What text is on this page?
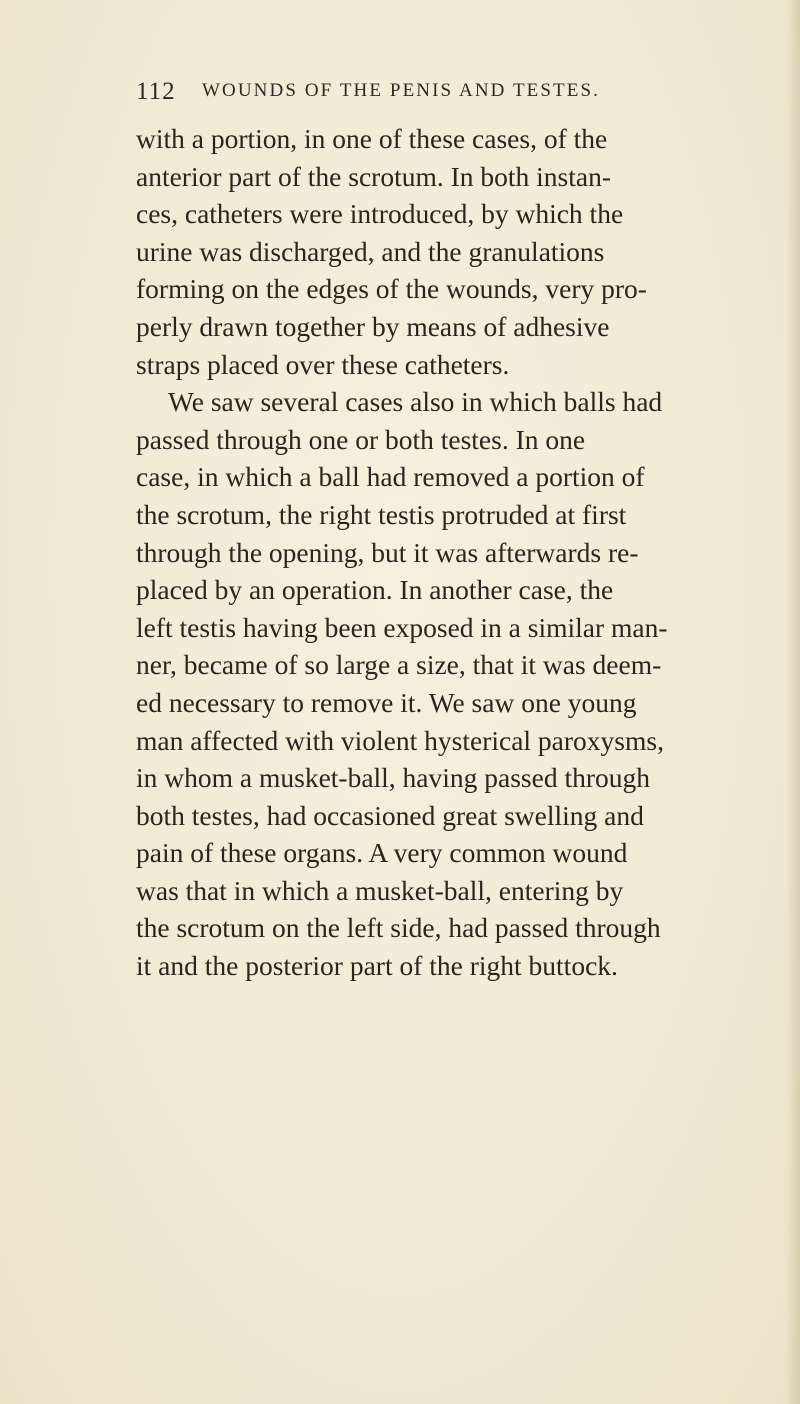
112 WOUNDS OF THE PENIS AND TESTES.
with a portion, in one of these cases, of the
anterior part of the scrotum. In both instan-
ces, catheters were introduced, by which the
urine was discharged, and the granulations
forming on the edges of the wounds, very pro-
perly drawn together by means of adhesive
straps placed over these catheters.
We saw several cases also in which balls had
passed through one or both testes. In one
case, in which a ball had removed a portion of
the scrotum, the right testis protruded at first
through the opening, but it was afterwards re-
placed by an operation. In another case, the
left testis having been exposed in a similar man-
ner, became of so large a size, that it was deem-
ed necessary to remove it. We saw one young
man affected with violent hysterical paroxysms,
in whom a musket-ball, having passed through
both testes, had occasioned great swelling and
pain of these organs. A very common wound
was that in which a musket-ball, entering by
the scrotum on the left side, had passed through
it and the posterior part of the right buttock.
